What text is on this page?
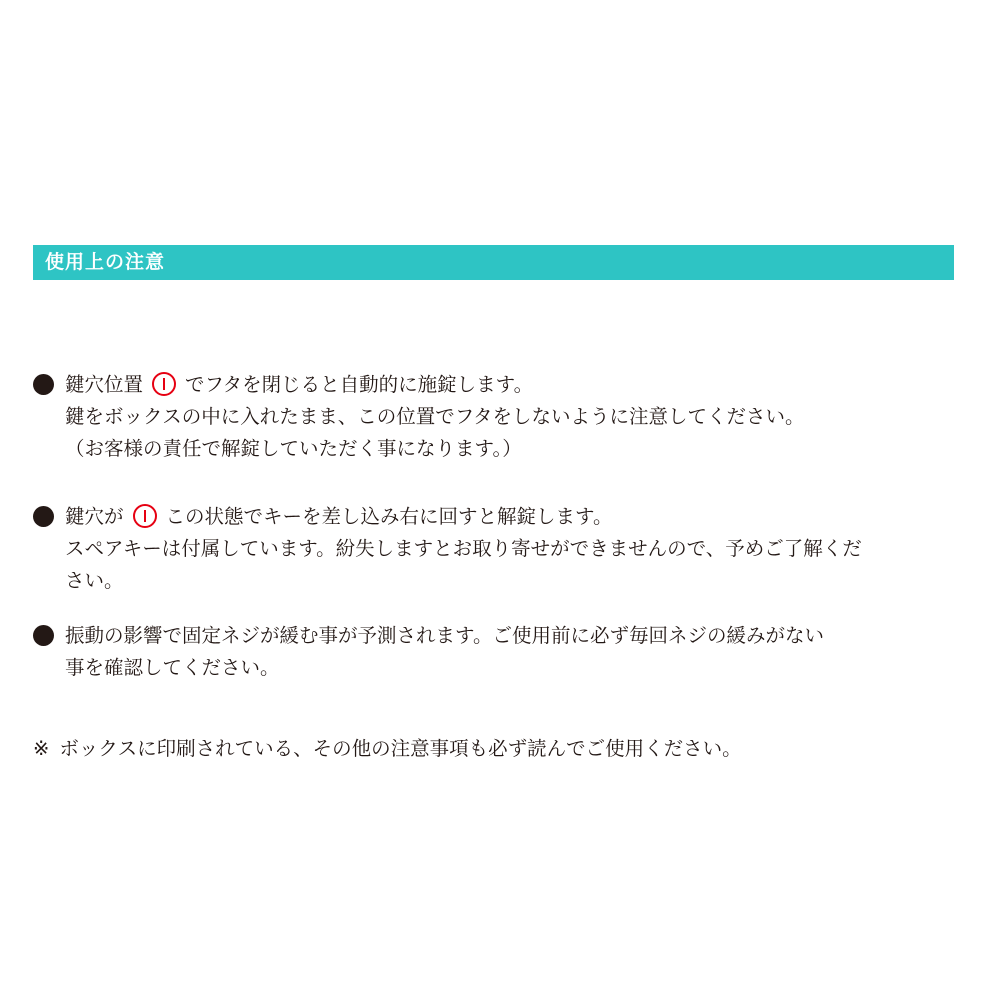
使用上の注意
鍵穴位置 でフタを閉じると自動的に施錠します。
鍵をボックスの中に入れたまま、この位置でフタをしないように注意してください。
（お客様の責任で解錠していただく事になります。）
鍵穴が この状態でキーを差し込み右に回すと解錠します。
スペアキーは付属しています。紛失しますとお取り寄せができませんので、予めご了解くだ
さい。
振動の影響で固定ネジが緩む事が予測されます。ご使用前に必ず毎回ネジの緩みがない
事を確認してください。
※ ボックスに印刷されている、その他の注意事項も必ず読んでご使用ください。
